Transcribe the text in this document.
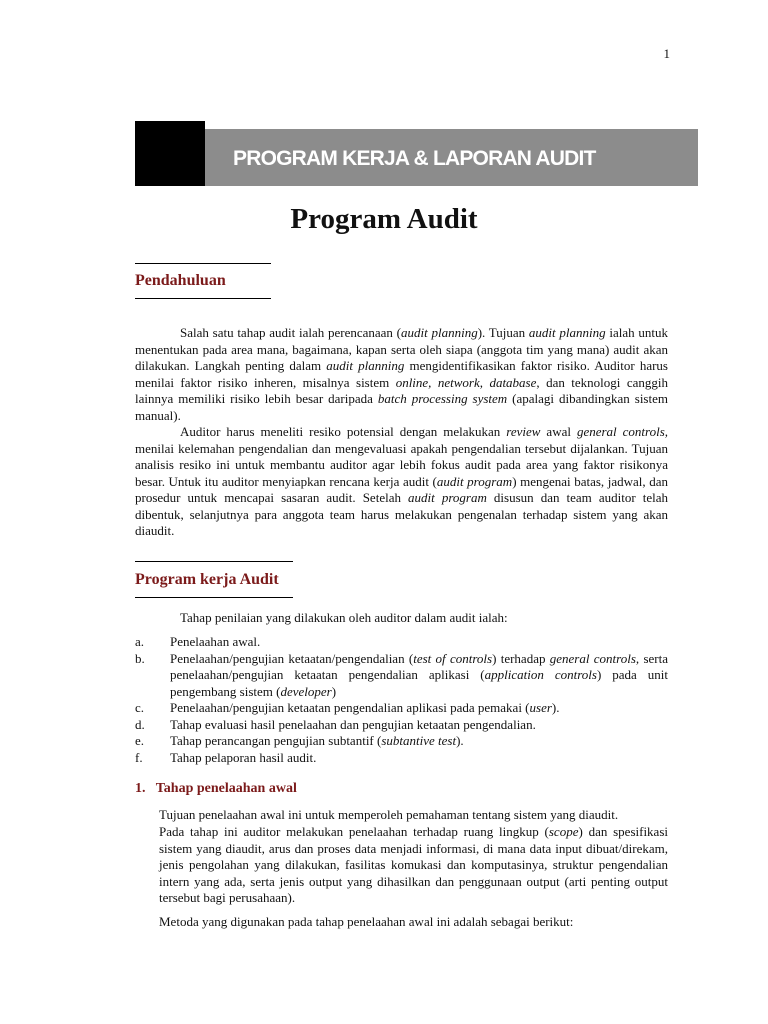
1
PROGRAM KERJA & LAPORAN AUDIT
Program Audit
Pendahuluan
Salah satu tahap audit ialah perencanaan (audit planning). Tujuan audit planning ialah untuk menentukan pada area mana, bagaimana, kapan serta oleh siapa (anggota tim yang mana) audit akan dilakukan. Langkah penting dalam audit planning mengidentifikasikan faktor risiko. Auditor harus menilai faktor risiko inheren, misalnya sistem online, network, database, dan teknologi canggih lainnya memiliki risiko lebih besar daripada batch processing system (apalagi dibandingkan sistem manual).
Auditor harus meneliti resiko potensial dengan melakukan review awal general controls, menilai kelemahan pengendalian dan mengevaluasi apakah pengendalian tersebut dijalankan. Tujuan analisis resiko ini untuk membantu auditor agar lebih fokus audit pada area yang faktor risikonya besar. Untuk itu auditor menyiapkan rencana kerja audit (audit program) mengenai batas, jadwal, dan prosedur untuk mencapai sasaran audit. Setelah audit program disusun dan team auditor telah dibentuk, selanjutnya para anggota team harus melakukan pengenalan terhadap sistem yang akan diaudit.
Program kerja Audit
Tahap penilaian yang dilakukan oleh auditor dalam audit ialah:
a. Penelaahan awal.
b. Penelaahan/pengujian ketaatan/pengendalian (test of controls) terhadap general controls, serta penelaahan/pengujian ketaatan pengendalian aplikasi (application controls) pada unit pengembang sistem (developer)
c. Penelaahan/pengujian ketaatan pengendalian aplikasi pada pemakai (user).
d. Tahap evaluasi hasil penelaahan dan pengujian ketaatan pengendalian.
e. Tahap perancangan pengujian subtantif (subtantive test).
f. Tahap pelaporan hasil audit.
1.   Tahap penelaahan awal
Tujuan penelaahan awal ini untuk memperoleh pemahaman tentang sistem yang diaudit.
Pada tahap ini auditor melakukan penelaahan terhadap ruang lingkup (scope) dan spesifikasi sistem yang diaudit, arus dan proses data menjadi informasi, di mana data input dibuat/direkam, jenis pengolahan yang dilakukan, fasilitas komukasi dan komputasinya, struktur pengendalian intern yang ada, serta jenis output yang dihasilkan dan penggunaan output (arti penting output tersebut bagi perusahaan).
Metoda yang digunakan pada tahap penelaahan awal ini adalah sebagai berikut:
